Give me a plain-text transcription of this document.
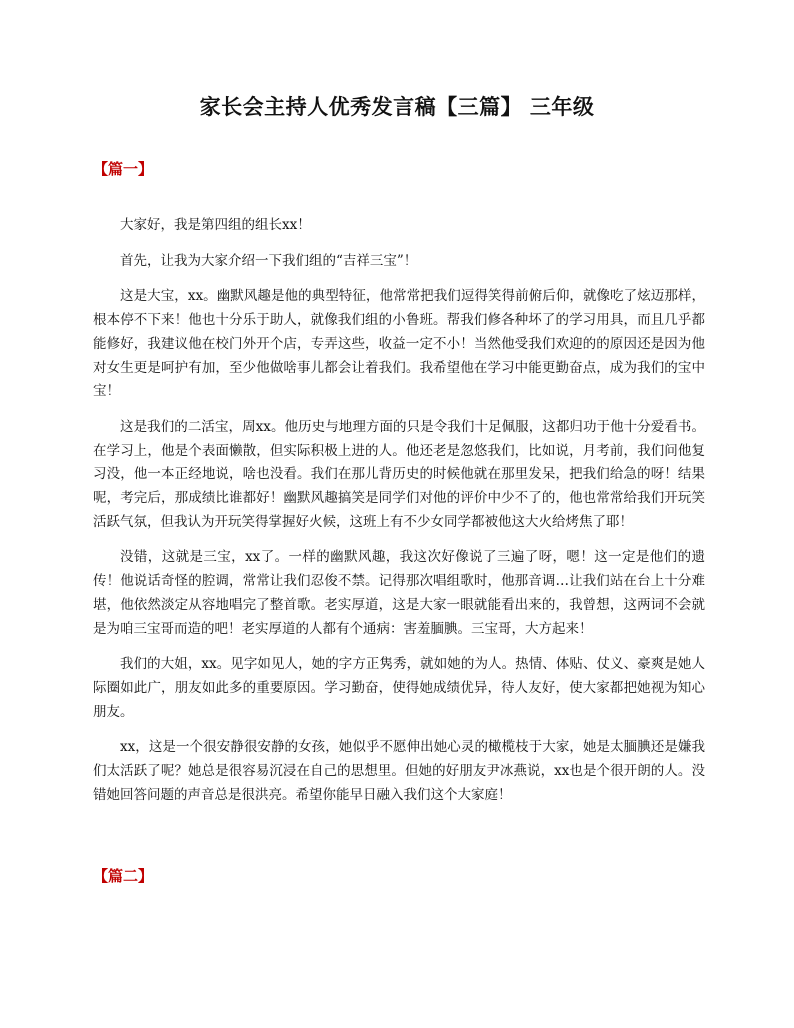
家长会主持人优秀发言稿【三篇】 三年级
【篇一】

大家好，我是第四组的组长xx！

首先，让我为大家介绍一下我们组的“吉祥三宝”！

这是大宝，xx。幽默风趣是他的典型特征，他常常把我们逗得笑得前俯后仰，就像吃了炫迈那样，根本停不下来！他也十分乐于助人，就像我们组的小鲁班。帮我们修各种坏了的学习用具，而且几乎都能修好，我建议他在校门外开个店，专弄这些，收益一定不小！当然他受我们欢迎的的原因还是因为他对女生更是呵护有加，至少他做啥事儿都会让着我们。我希望他在学习中能更勤奋点，成为我们的宝中宝！

这是我们的二活宝，周xx。他历史与地理方面的只是令我们十足佩服，这都归功于他十分爱看书。在学习上，他是个表面懒散，但实际积极上进的人。他还老是忽悠我们，比如说，月考前，我们问他复习没，他一本正经地说，啥也没看。我们在那儿背历史的时候他就在那里发呆，把我们给急的呀！结果呢，考完后，那成绩比谁都好！幽默风趣搞笑是同学们对他的评价中少不了的，他也常常给我们开玩笑活跃气氛，但我认为开玩笑得掌握好火候，这班上有不少女同学都被他这大火给烤焦了耶！

没错，这就是三宝，xx了。一样的幽默风趣，我这次好像说了三遍了呀，嗯！这一定是他们的遗传！他说话奇怪的腔调，常常让我们忍俊不禁。记得那次唱组歌时，他那音调…让我们站在台上十分难堪，他依然淡定从容地唱完了整首歌。老实厚道，这是大家一眼就能看出来的，我曾想，这两词不会就是为咱三宝哥而造的吧！老实厚道的人都有个通病：害羞腼腆。三宝哥，大方起来！

我们的大姐，xx。见字如见人，她的字方正隽秀，就如她的为人。热情、体贴、仗义、豪爽是她人际圈如此广，朋友如此多的重要原因。学习勤奋，使得她成绩优异，待人友好，使大家都把她视为知心朋友。

xx，这是一个很安静很安静的女孩，她似乎不愿伸出她心灵的橄榄枝于大家，她是太腼腆还是嫌我们太活跃了呢？她总是很容易沉浸在自己的思想里。但她的好朋友尹冰燕说，xx也是个很开朗的人。没错她回答问题的声音总是很洪亮。希望你能早日融入我们这个大家庭！

【篇二】
